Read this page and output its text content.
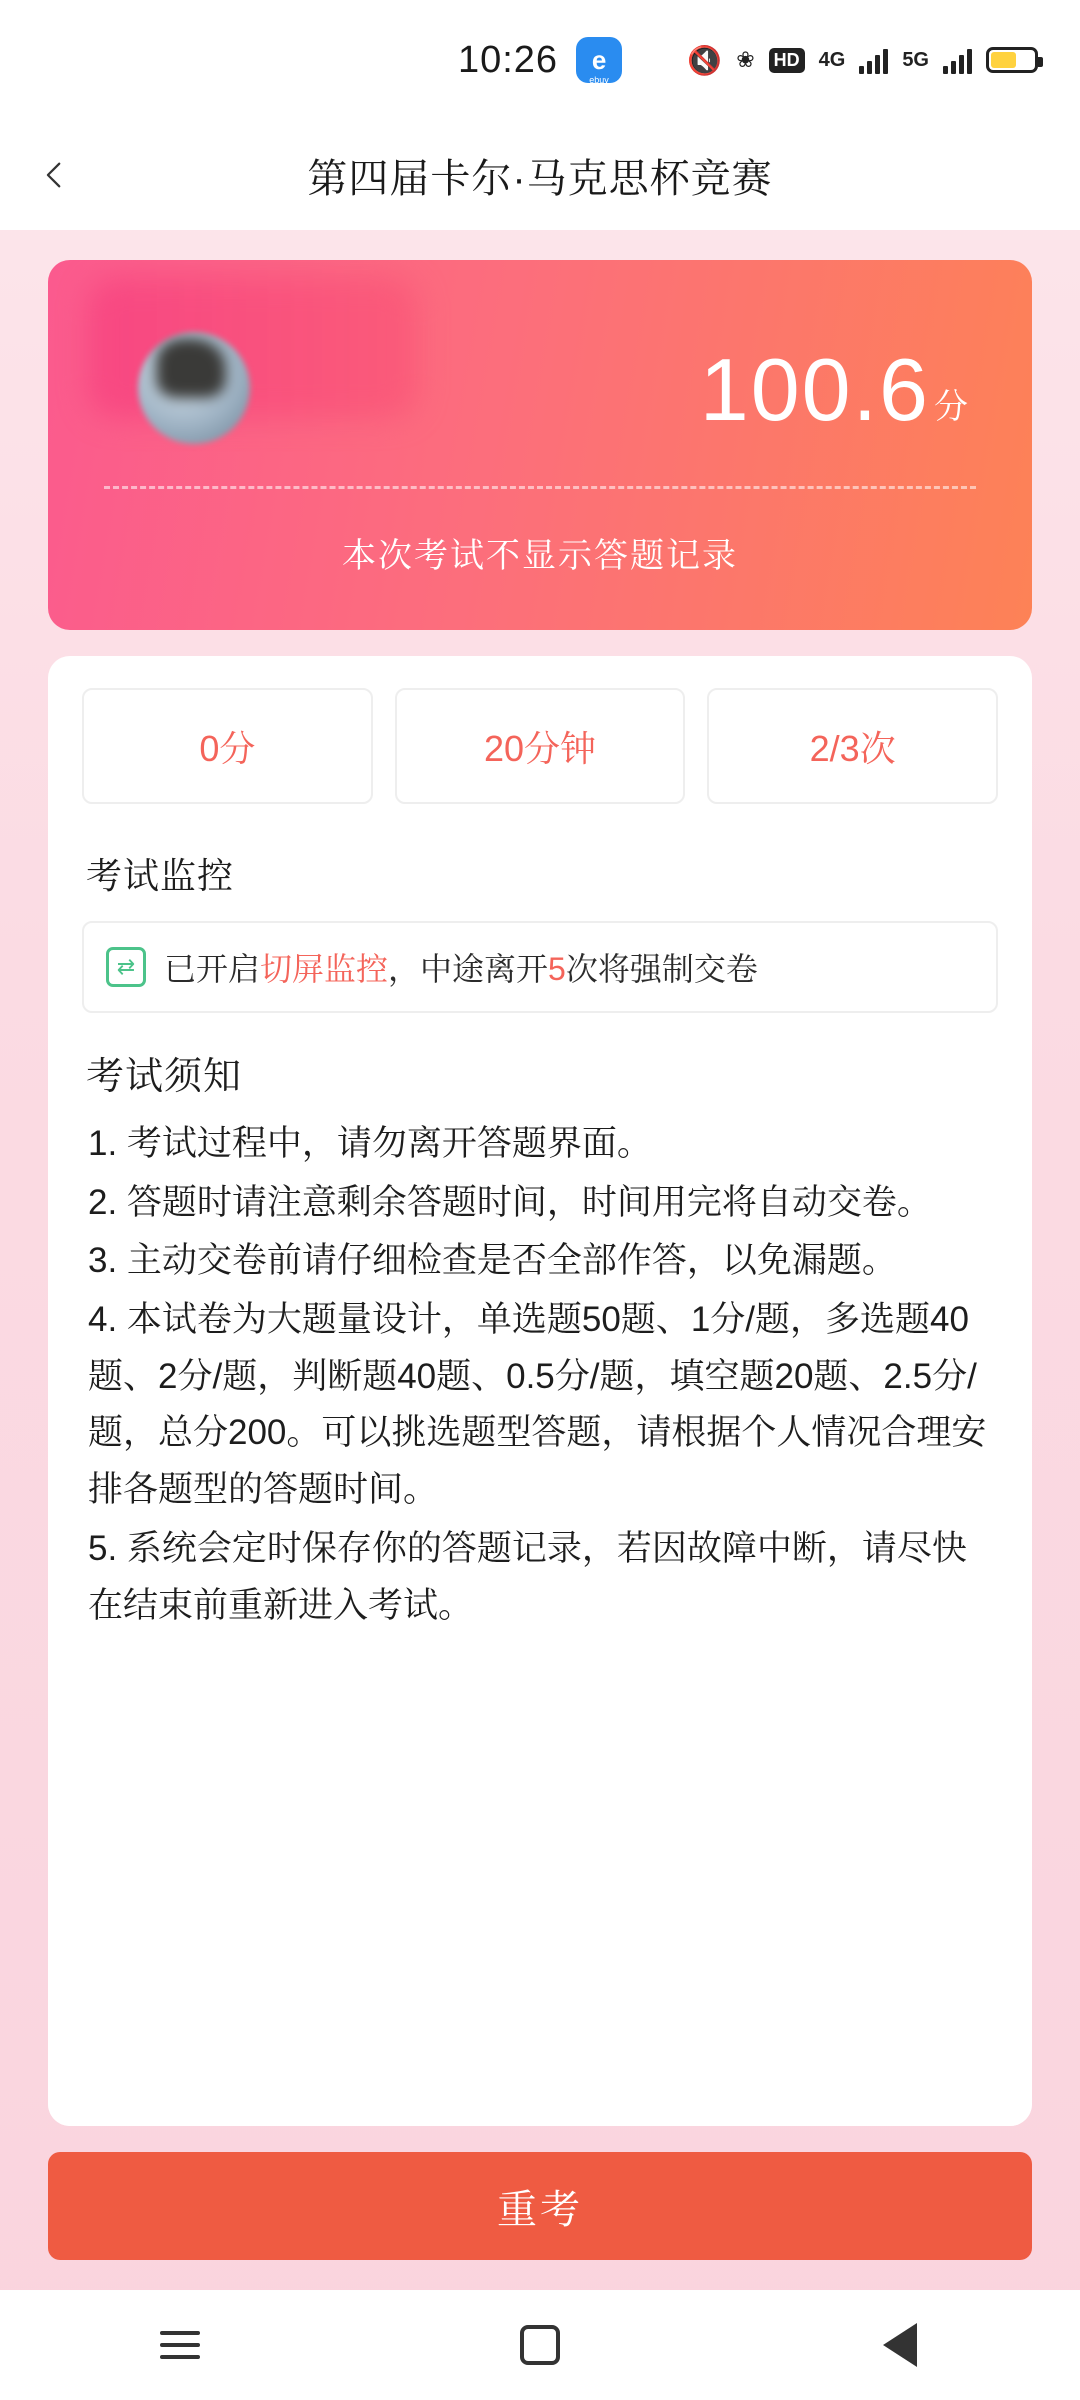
10:26 e
ebuy
🔇 ❀ HD 4G	5G
第四届卡尔·马克思杯竞赛
100.6 分
本次考试不显示答题记录
0分	20分钟	2/3次
考试监控
⇄ 已开启切屏监控，中途离开5次将强制交卷
考试须知
1. 考试过程中，请勿离开答题界面。
2. 答题时请注意剩余答题时间，时间用完将自动交卷。
3. 主动交卷前请仔细检查是否全部作答，以免漏题。
4. 本试卷为大题量设计，单选题50题、1分/题，多选题40题、2分/题，判断题40题、0.5分/题，填空题20题、2.5分/题，总分200。可以挑选题型答题，请根据个人情况合理安排各题型的答题时间。
5. 系统会定时保存你的答题记录，若因故障中断，请尽快在结束前重新进入考试。
重考
